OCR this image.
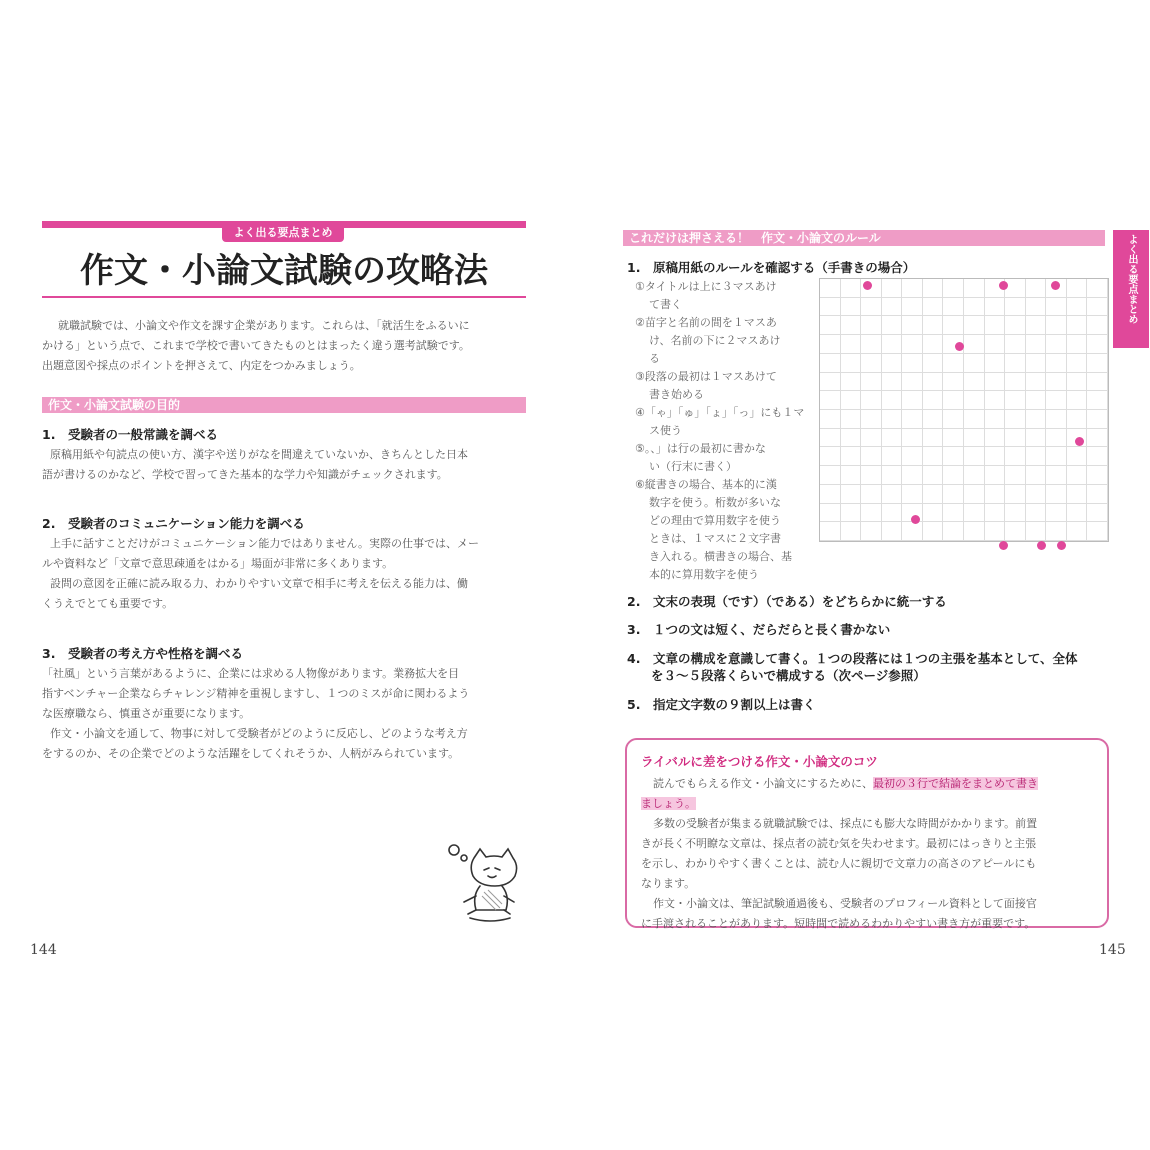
よく出る要点まとめ
作文・小論文試験の攻略法
就職試験では、小論文や作文を課す企業があります。これらは、「就活生をふるいに
かける」という点で、これまで学校で書いてきたものとはまったく違う選考試験です。
出題意図や採点のポイントを押さえて、内定をつかみましょう。
作文・小論文試験の目的
1.　受験者の一般常識を調べる
原稿用紙や句読点の使い方、漢字や送りがなを間違えていないか、きちんとした日本
語が書けるのかなど、学校で習ってきた基本的な学力や知識がチェックされます。
2.　受験者のコミュニケーション能力を調べる
上手に話すことだけがコミュニケーション能力ではありません。実際の仕事では、メー
ルや資料など「文章で意思疎通をはかる」場面が非常に多くあります。
設問の意図を正確に読み取る力、わかりやすい文章で相手に考えを伝える能力は、働
くうえでとても重要です。
3.　受験者の考え方や性格を調べる
「社風」という言葉があるように、企業には求める人物像があります。業務拡大を目
指すベンチャー企業ならチャレンジ精神を重視しますし、１つのミスが命に関わるよう
な医療職なら、慎重さが重要になります。
作文・小論文を通して、物事に対して受験者がどのように反応し、どのような考え方
をするのか、その企業でどのような活躍をしてくれそうか、人柄がみられています。
144
これだけは押さえる！　作文・小論文のルール	よく出る要点まとめ
1.　原稿用紙のルールを確認する（手書きの場合）
①タイトルは上に３マスあけ
て書く
②苗字と名前の間を１マスあ
け、名前の下に２マスあけ
る
③段落の最初は１マスあけて
書き始める
④「ゃ」「ゅ」「ょ」「っ」にも１マ
ス使う
⑤。、」は行の最初に書かな
い（行末に書く）
⑥縦書きの場合、基本的に漢
数字を使う。桁数が多いな
どの理由で算用数字を使う
ときは、１マスに２文字書
き入れる。横書きの場合、基
本的に算用数字を使う
2.　文末の表現（です）（である）をどちらかに統一する
3.　１つの文は短く、だらだらと長く書かない
4.　文章の構成を意識して書く。１つの段落には１つの主張を基本として、全体
を３～５段落くらいで構成する（次ページ参照）
5.　指定文字数の９割以上は書く
ライバルに差をつける作文・小論文のコツ
読んでもらえる作文・小論文にするために、最初の３行で結論をまとめて書き
ましょう。
多数の受験者が集まる就職試験では、採点にも膨大な時間がかかります。前置
きが長く不明瞭な文章は、採点者の読む気を失わせます。最初にはっきりと主張
を示し、わかりやすく書くことは、読む人に親切で文章力の高さのアピールにも
なります。
作文・小論文は、筆記試験通過後も、受験者のプロフィール資料として面接官
に手渡されることがあります。短時間で読めるわかりやすい書き方が重要です。
145
